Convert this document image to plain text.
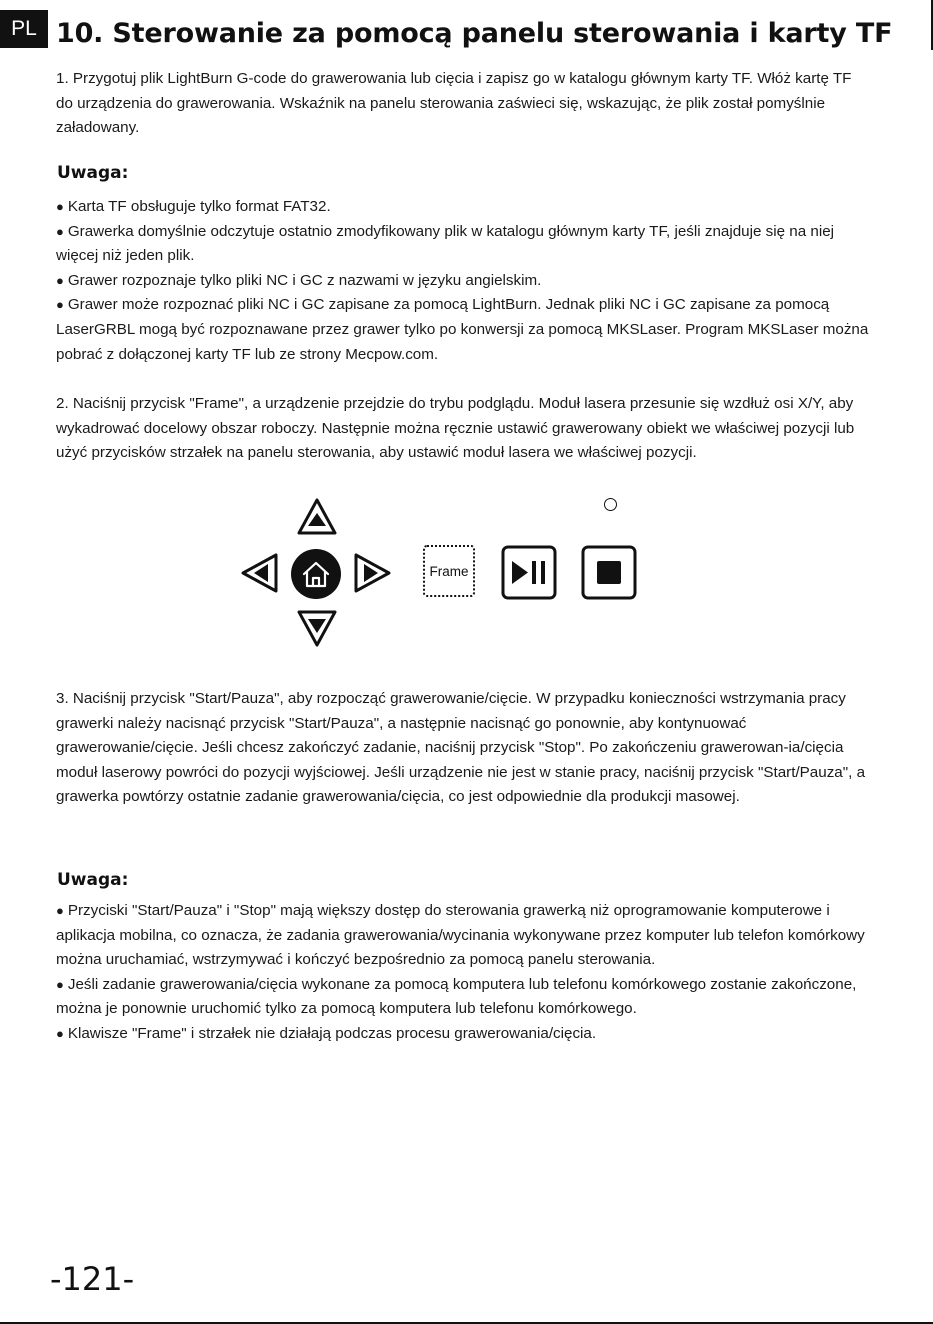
PL 10. Sterowanie za pomocą panelu sterowania i karty TF

1. Przygotuj plik LightBurn G-code do grawerowania lub cięcia i zapisz go w katalogu głównym karty TF. Włóż kartę TF do urządzenia do grawerowania. Wskaźnik na panelu sterowania zaświeci się, wskazując, że plik został pomyślnie załadowany.

Uwaga:
● Karta TF obsługuje tylko format FAT32.
● Grawerka domyślnie odczytuje ostatnio zmodyfikowany plik w katalogu głównym karty TF, jeśli znajduje się na niej więcej niż jeden plik.
● Grawer rozpoznaje tylko pliki NC i GC z nazwami w języku angielskim.
● Grawer może rozpoznać pliki NC i GC zapisane za pomocą LightBurn. Jednak pliki NC i GC zapisane za pomocą LaserGRBL mogą być rozpoznawane przez grawer tylko po konwersji za pomocą MKSLaser. Program MKSLaser można pobrać z dołączonej karty TF lub ze strony Mecpow.com.

2. Naciśnij przycisk "Frame", a urządzenie przejdzie do trybu podglądu. Moduł lasera przesunie się wzdłuż osi X/Y, aby wykadrować docelowy obszar roboczy. Następnie można ręcznie ustawić grawerowany obiekt we właściwej pozycji lub użyć przycisków strzałek na panelu sterowania, aby ustawić moduł lasera we właściwej pozycji.

Frame

3. Naciśnij przycisk "Start/Pauza", aby rozpocząć grawerowanie/cięcie. W przypadku konieczności wstrzymania pracy grawerki należy nacisnąć przycisk "Start/Pauza", a następnie nacisnąć go ponownie, aby kontynuować grawerowanie/cięcie. Jeśli chcesz zakończyć zadanie, naciśnij przycisk "Stop". Po zakończeniu grawerowan-ia/cięcia moduł laserowy powróci do pozycji wyjściowej. Jeśli urządzenie nie jest w stanie pracy, naciśnij przycisk "Start/Pauza", a grawerka powtórzy ostatnie zadanie grawerowania/cięcia, co jest odpowiednie dla produkcji masowej.

Uwaga:
● Przyciski "Start/Pauza" i "Stop" mają większy dostęp do sterowania grawerką niż oprogramowanie komputerowe i aplikacja mobilna, co oznacza, że zadania grawerowania/wycinania wykonywane przez komputer lub telefon komórkowy można uruchamiać, wstrzymywać i kończyć bezpośrednio za pomocą panelu sterowania.
● Jeśli zadanie grawerowania/cięcia wykonane za pomocą komputera lub telefonu komórkowego zostanie zakończone, można je ponownie uruchomić tylko za pomocą komputera lub telefonu komórkowego.
● Klawisze "Frame" i strzałek nie działają podczas procesu grawerowania/cięcia.
-121-
